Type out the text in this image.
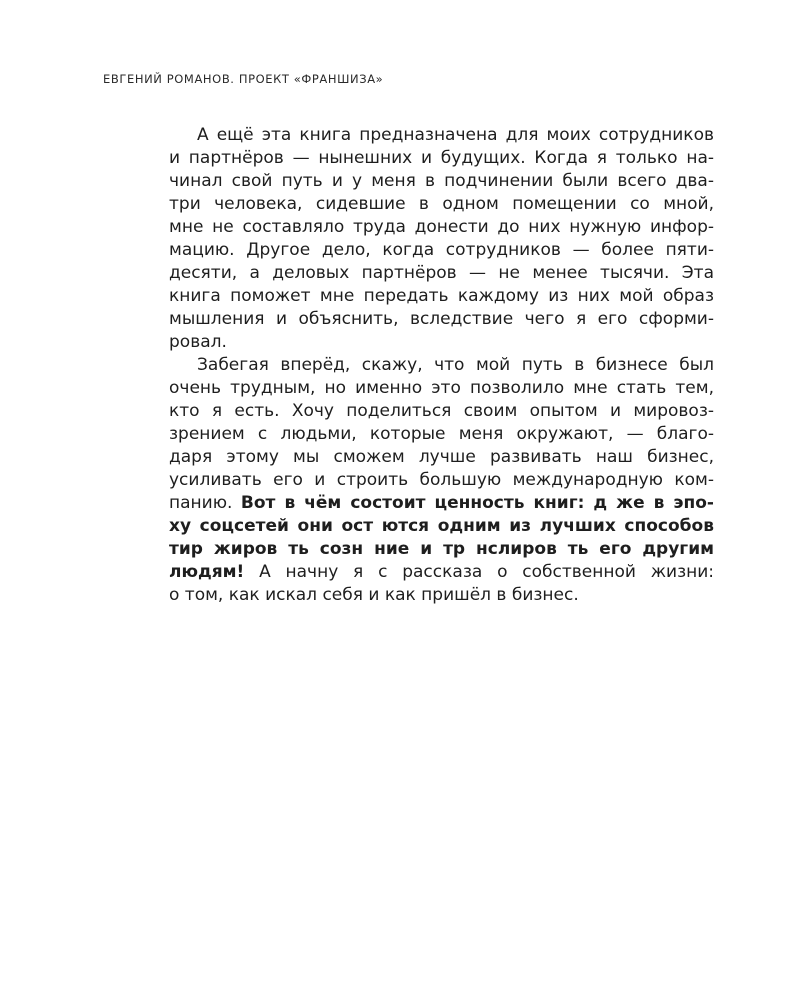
ЕВГЕНИЙ РОМАНОВ. ПРОЕКТ «ФРАНШИЗА»
А ещё эта книга предназначена для моих сотрудников
и партнёров — нынешних и будущих. Когда я только на-
чинал свой путь и у меня в подчинении были всего два-
три человека, сидевшие в одном помещении со мной,
мне не составляло труда донести до них нужную инфор-
мацию. Другое дело, когда сотрудников — более пяти-
десяти, а деловых партнёров — не менее тысячи. Эта
книга поможет мне передать каждому из них мой образ
мышления и объяснить, вследствие чего я его сформи-
ровал.
Забегая вперёд, скажу, что мой путь в бизнесе был
очень трудным, но именно это позволило мне стать тем,
кто я есть. Хочу поделиться своим опытом и мировоз-
зрением с людьми, которые меня окружают, — благо-
даря этому мы сможем лучше развивать наш бизнес,
усиливать его и строить большую международную ком-
панию. Вот в чём состоит ценность книг: д же в эпо-
ху соцсетей они ост ются одним из лучших способов
тир жиров ть созн ние и тр нслиров ть его другим
людям! А начну я с рассказа о собственной жизни:
о том, как искал себя и как пришёл в бизнес.
